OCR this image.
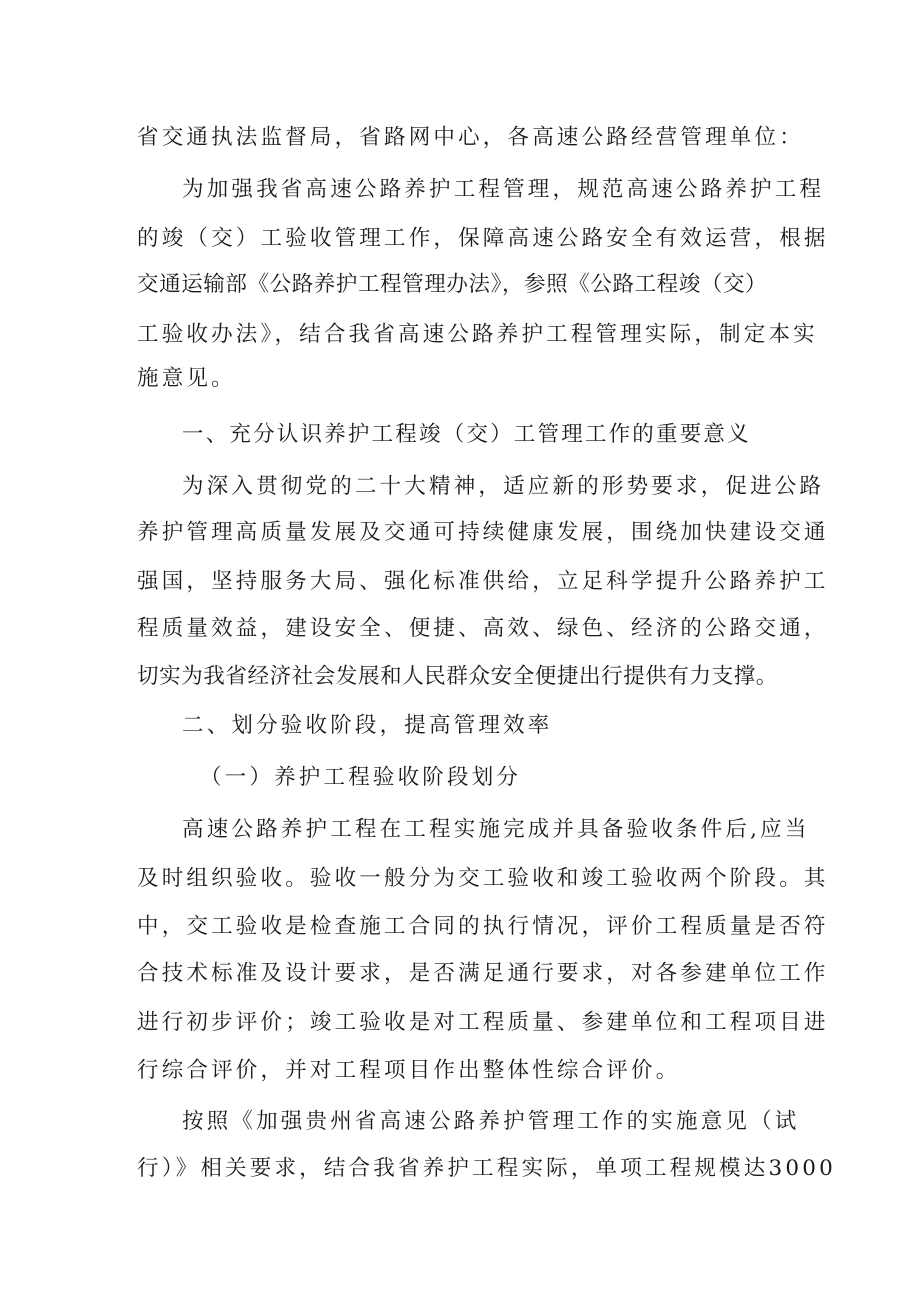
省交通执法监督局，省路网中心，各高速公路经营管理单位：
为加强我省高速公路养护工程管理，规范高速公路养护工程
的竣（交）工验收管理工作，保障高速公路安全有效运营，根据
交通运输部《公路养护工程管理办法》，参照《公路工程竣（交）
工验收办法》，结合我省高速公路养护工程管理实际，制定本实
施意见。
一、充分认识养护工程竣（交）工管理工作的重要意义
为深入贯彻党的二十大精神，适应新的形势要求，促进公路
养护管理高质量发展及交通可持续健康发展，围绕加快建设交通
强国，坚持服务大局、强化标准供给，立足科学提升公路养护工
程质量效益，建设安全、便捷、高效、绿色、经济的公路交通，
切实为我省经济社会发展和人民群众安全便捷出行提供有力支撑。
二、划分验收阶段，提高管理效率
（一）养护工程验收阶段划分
高速公路养护工程在工程实施完成并具备验收条件后,应当
及时组织验收。验收一般分为交工验收和竣工验收两个阶段。其
中，交工验收是检查施工合同的执行情况，评价工程质量是否符
合技术标准及设计要求，是否满足通行要求，对各参建单位工作
进行初步评价；竣工验收是对工程质量、参建单位和工程项目进
行综合评价，并对工程项目作出整体性综合评价。
按照《加强贵州省高速公路养护管理工作的实施意见（试
行）》相关要求，结合我省养护工程实际，单项工程规模达3000
